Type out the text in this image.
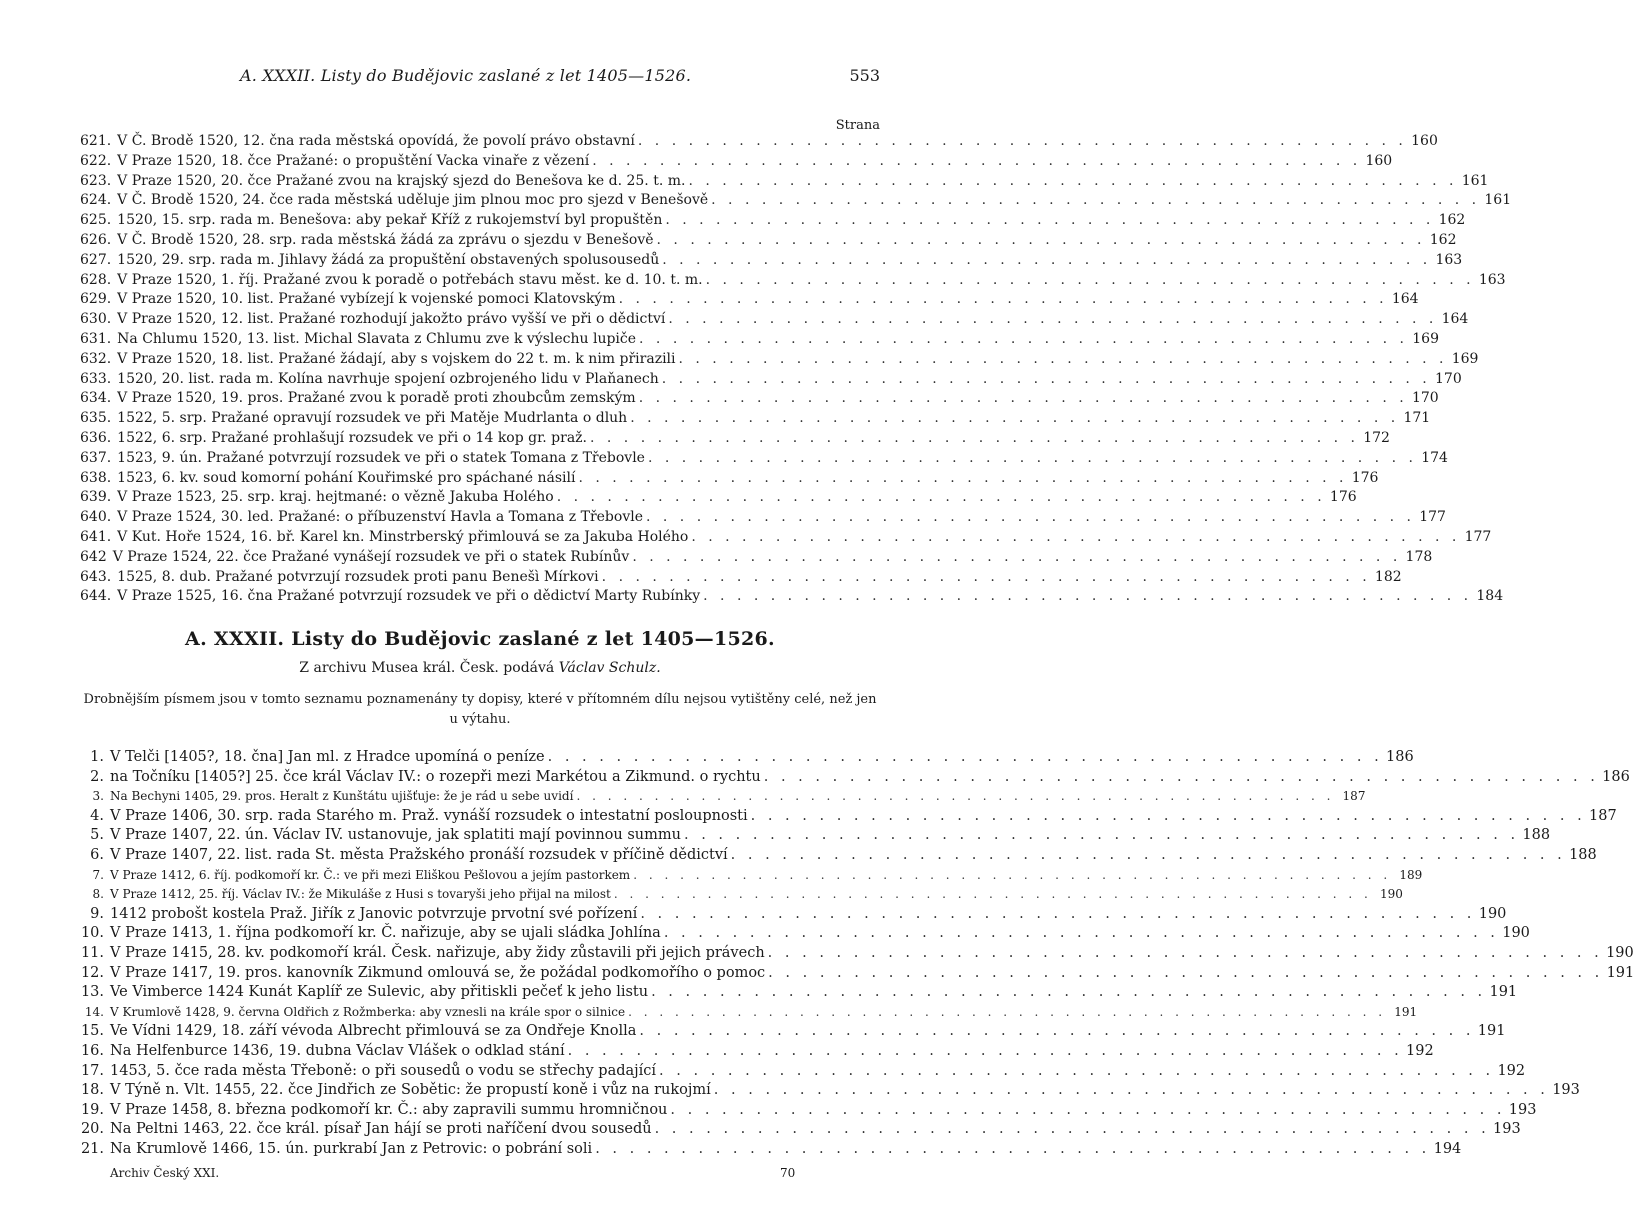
A. XXXII. Listy do Budějovic zaslané z let 1405—1526.	553
Strana
621. V Č. Brodě 1520, 12. čna rada městská opovídá, že povolí právo obstavní . . .	160
622. V Praze 1520, 18. čce Pražané: o propuštění Vacka vinaře z vězení . . .	160
623. V Praze 1520, 20. čce Pražané zvou na krajský sjezd do Benešova ke d. 25. t. m. . . .	161
624. V Č. Brodě 1520, 24. čce rada městská uděluje jim plnou moc pro sjezd v Benešově . . .	161
625. 1520, 15. srp. rada m. Benešova: aby pekař Kříž z rukojemství byl propuštěn . . .	162
626. V Č. Brodě 1520, 28. srp. rada městská žádá za zprávu o sjezdu v Benešově . . .	162
627. 1520, 29. srp. rada m. Jihlavy žádá za propuštění obstavených spolusousedů . . .	163
628. V Praze 1520, 1. říj. Pražané zvou k poradě o potřebách stavu měst. ke d. 10. t. m. . . .	163
629. V Praze 1520, 10. list. Pražané vybízejí k vojenské pomoci Klatovským . . .	164
630. V Praze 1520, 12. list. Pražané rozhodují jakožto právo vyšší ve při o dědictví . . .	164
631. Na Chlumu 1520, 13. list. Michal Slavata z Chlumu zve k výslechu lupiče . . .	169
632. V Praze 1520, 18. list. Pražané žádají, aby s vojskem do 22 t. m. k nim přirazili . . .	169
633. 1520, 20. list. rada m. Kolína navrhuje spojení ozbrojeného lidu v Plaňanech . . .	170
634. V Praze 1520, 19. pros. Pražané zvou k poradě proti zhoubcům zemským . . .	170
635. 1522, 5. srp. Pražané opravují rozsudek ve při Matěje Mudrlanta o dluh . . .	171
636. 1522, 6. srp. Pražané prohlašují rozsudek ve při o 14 kop gr. praž. . . .	172
637. 1523, 9. ún. Pražané potvrzují rozsudek ve při o statek Tomana z Třebovle . . .	174
638. 1523, 6. kv. soud komorní pohání Kouřimské pro spáchané násilí . . .	176
639. V Praze 1523, 25. srp. kraj. hejtmané: o vězně Jakuba Holého . . .	176
640. V Praze 1524, 30. led. Pražané: o příbuzenství Havla a Tomana z Třebovle . . .	177
641. V Kut. Hoře 1524, 16. bř. Karel kn. Minstrberský přimlouvá se za Jakuba Holého . . .	177
642 V Praze 1524, 22. čce Pražané vynášejí rozsudek ve při o statek Rubínův . . .	178
643. 1525, 8. dub. Pražané potvrzují rozsudek proti panu Benešì Mírkovi . . .	182
644. V Praze 1525, 16. čna Pražané potvrzují rozsudek ve při o dědictví Marty Rubínky . . .	184
A. XXXII. Listy do Budějovic zaslané z let 1405—1526.
Z archivu Musea král. Česk. podává Václav Schulz.
Drobnějším písmem jsou v tomto seznamu poznamenány ty dopisy, které v přítomném dílu nejsou vytištěny celé, než jen u výtahu.
1. V Telči [1405?, 18. čna] Jan ml. z Hradce upomíná o peníze . . .	186
2. na Točníku [1405?] 25. čce král Václav IV.: o rozepři mezi Markétou a Zikmund. o rychtu . . .	186
3. Na Bechyni 1405, 29. pros. Heralt z Kunštátu ujišťuje: že je rád u sebe uvidí . . .	187
4. V Praze 1406, 30. srp. rada Starého m. Praž. vynáší rozsudek o intestatní posloupnosti . . .	187
5. V Praze 1407, 22. ún. Václav IV. ustanovuje, jak splatiti mají povinnou summu . . .	188
6. V Praze 1407, 22. list. rada St. města Pražského pronáší rozsudek v příčině dědictví . . .	188
7. V Praze 1412, 6. říj. podkomoří kr. Č.: ve při mezi Eliškou Pešlovou a jejím pastorkem . . .	189
8. V Praze 1412, 25. říj. Václav IV.: že Mikuláše z Husi s tovaryši jeho přijal na milost . . .	190
9. 1412 probošt kostela Praž. Jiřík z Janovic potvrzuje prvotní své pořízení . . .	190
10. V Praze 1413, 1. října podkomoří kr. Č. nařizuje, aby se ujali sládka Johlína . . .	190
11. V Praze 1415, 28. kv. podkomoří král. Česk. nařizuje, aby židy zůstavili při jejich právech . . .	190
12. V Praze 1417, 19. pros. kanovník Zikmund omlouvá se, že požádal podkomořího o pomoc . . .	191
13. Ve Vimberce 1424 Kunát Kaplíř ze Sulevic, aby přitiskli pečeť k jeho listu . . .	191
14. V Krumlově 1428, 9. června Oldřich z Rožmberka: aby vznesli na krále spor o silnice . . .	191
15. Ve Vídni 1429, 18. září vévoda Albrecht přimlouvá se za Ondřeje Knolla . . .	191
16. Na Helfenburce 1436, 19. dubna Václav Vlášek o odklad stání . . .	192
17. 1453, 5. čce rada města Třeboně: o při sousedů o vodu se střechy padající . . .	192
18. V Týně n. Vlt. 1455, 22. čce Jindřich ze Sobětic: že propustí koně i vůz na rukojmí . . .	193
19. V Praze 1458, 8. března podkomoří kr. Č.: aby zapravili summu hromničnou . . .	193
20. Na Peltni 1463, 22. čce král. písař Jan hájí se proti naříčení dvou sousedů . . .	193
21. Na Krumlově 1466, 15. ún. purkrabí Jan z Petrovic: o pobrání soli . . .	194
Archiv Český XXI.	70
